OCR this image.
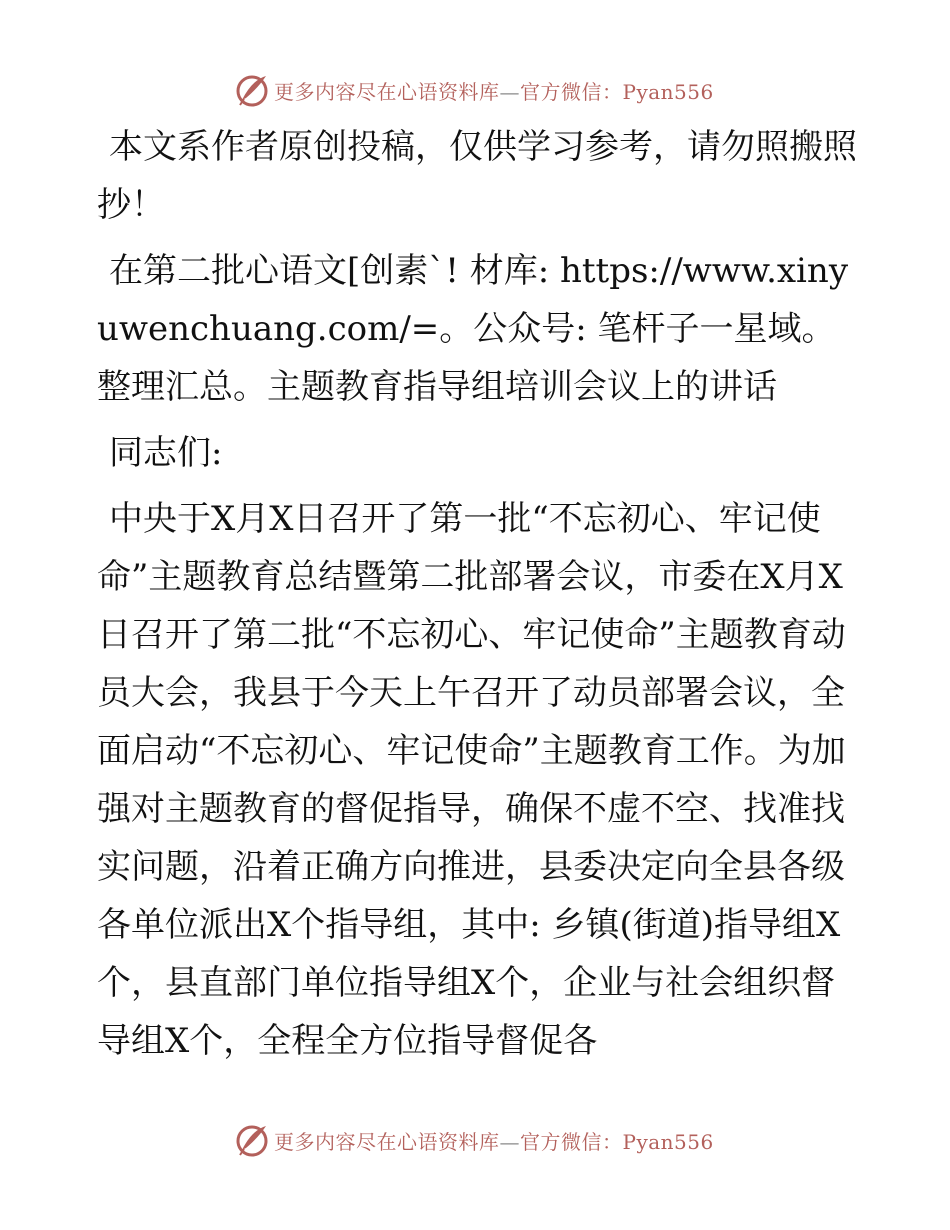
更多内容尽在心语资料库—官方微信：Pyan556

本文系作者原创投稿，仅供学习参考，请勿照搬照抄！

在第二批心语文[创素`! 材库: https://www.xinyuwenchuang.com/=。公众号: 笔杆子一星域。整理汇总。主题教育指导组培训会议上的讲话

同志们:

中央于X月X日召开了第一批“不忘初心、牢记使命”主题教育总结暨第二批部署会议，市委在X月X日召开了第二批“不忘初心、牢记使命”主题教育动员大会，我县于今天上午召开了动员部署会议，全面启动“不忘初心、牢记使命”主题教育工作。为加强对主题教育的督促指导，确保不虚不空、找准找实问题，沿着正确方向推进，县委决定向全县各级各单位派出X个指导组，其中: 乡镇(街道)指导组X个，县直部门单位指导组X个，企业与社会组织督导组X个，全程全方位指导督促各

更多内容尽在心语资料库—官方微信：Pyan556
